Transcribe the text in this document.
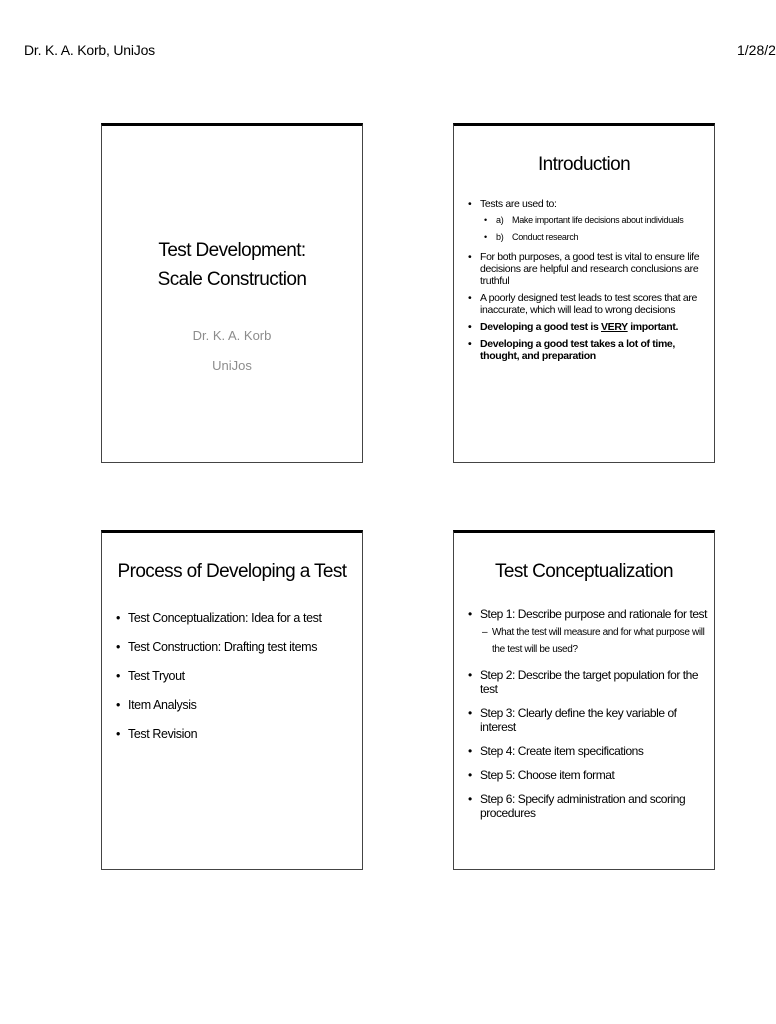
Dr. K. A. Korb, UniJos	1/28/2
Test Development:
Scale Construction
Dr. K. A. Korb
UniJos
Introduction
• Tests are used to:
• a) Make important life decisions about individuals
• b) Conduct research
• For both purposes, a good test is vital to ensure life decisions are helpful and research conclusions are truthful
• A poorly designed test leads to test scores that are inaccurate, which will lead to wrong decisions
• Developing a good test is VERY important.
• Developing a good test takes a lot of time, thought, and preparation
Process of Developing a Test
• Test Conceptualization: Idea for a test
• Test Construction: Drafting test items
• Test Tryout
• Item Analysis
• Test Revision
Test Conceptualization
• Step 1: Describe purpose and rationale for test
– What the test will measure and for what purpose will the test will be used?
• Step 2: Describe the target population for the test
• Step 3: Clearly define the key variable of interest
• Step 4: Create item specifications
• Step 5: Choose item format
• Step 6: Specify administration and scoring procedures
